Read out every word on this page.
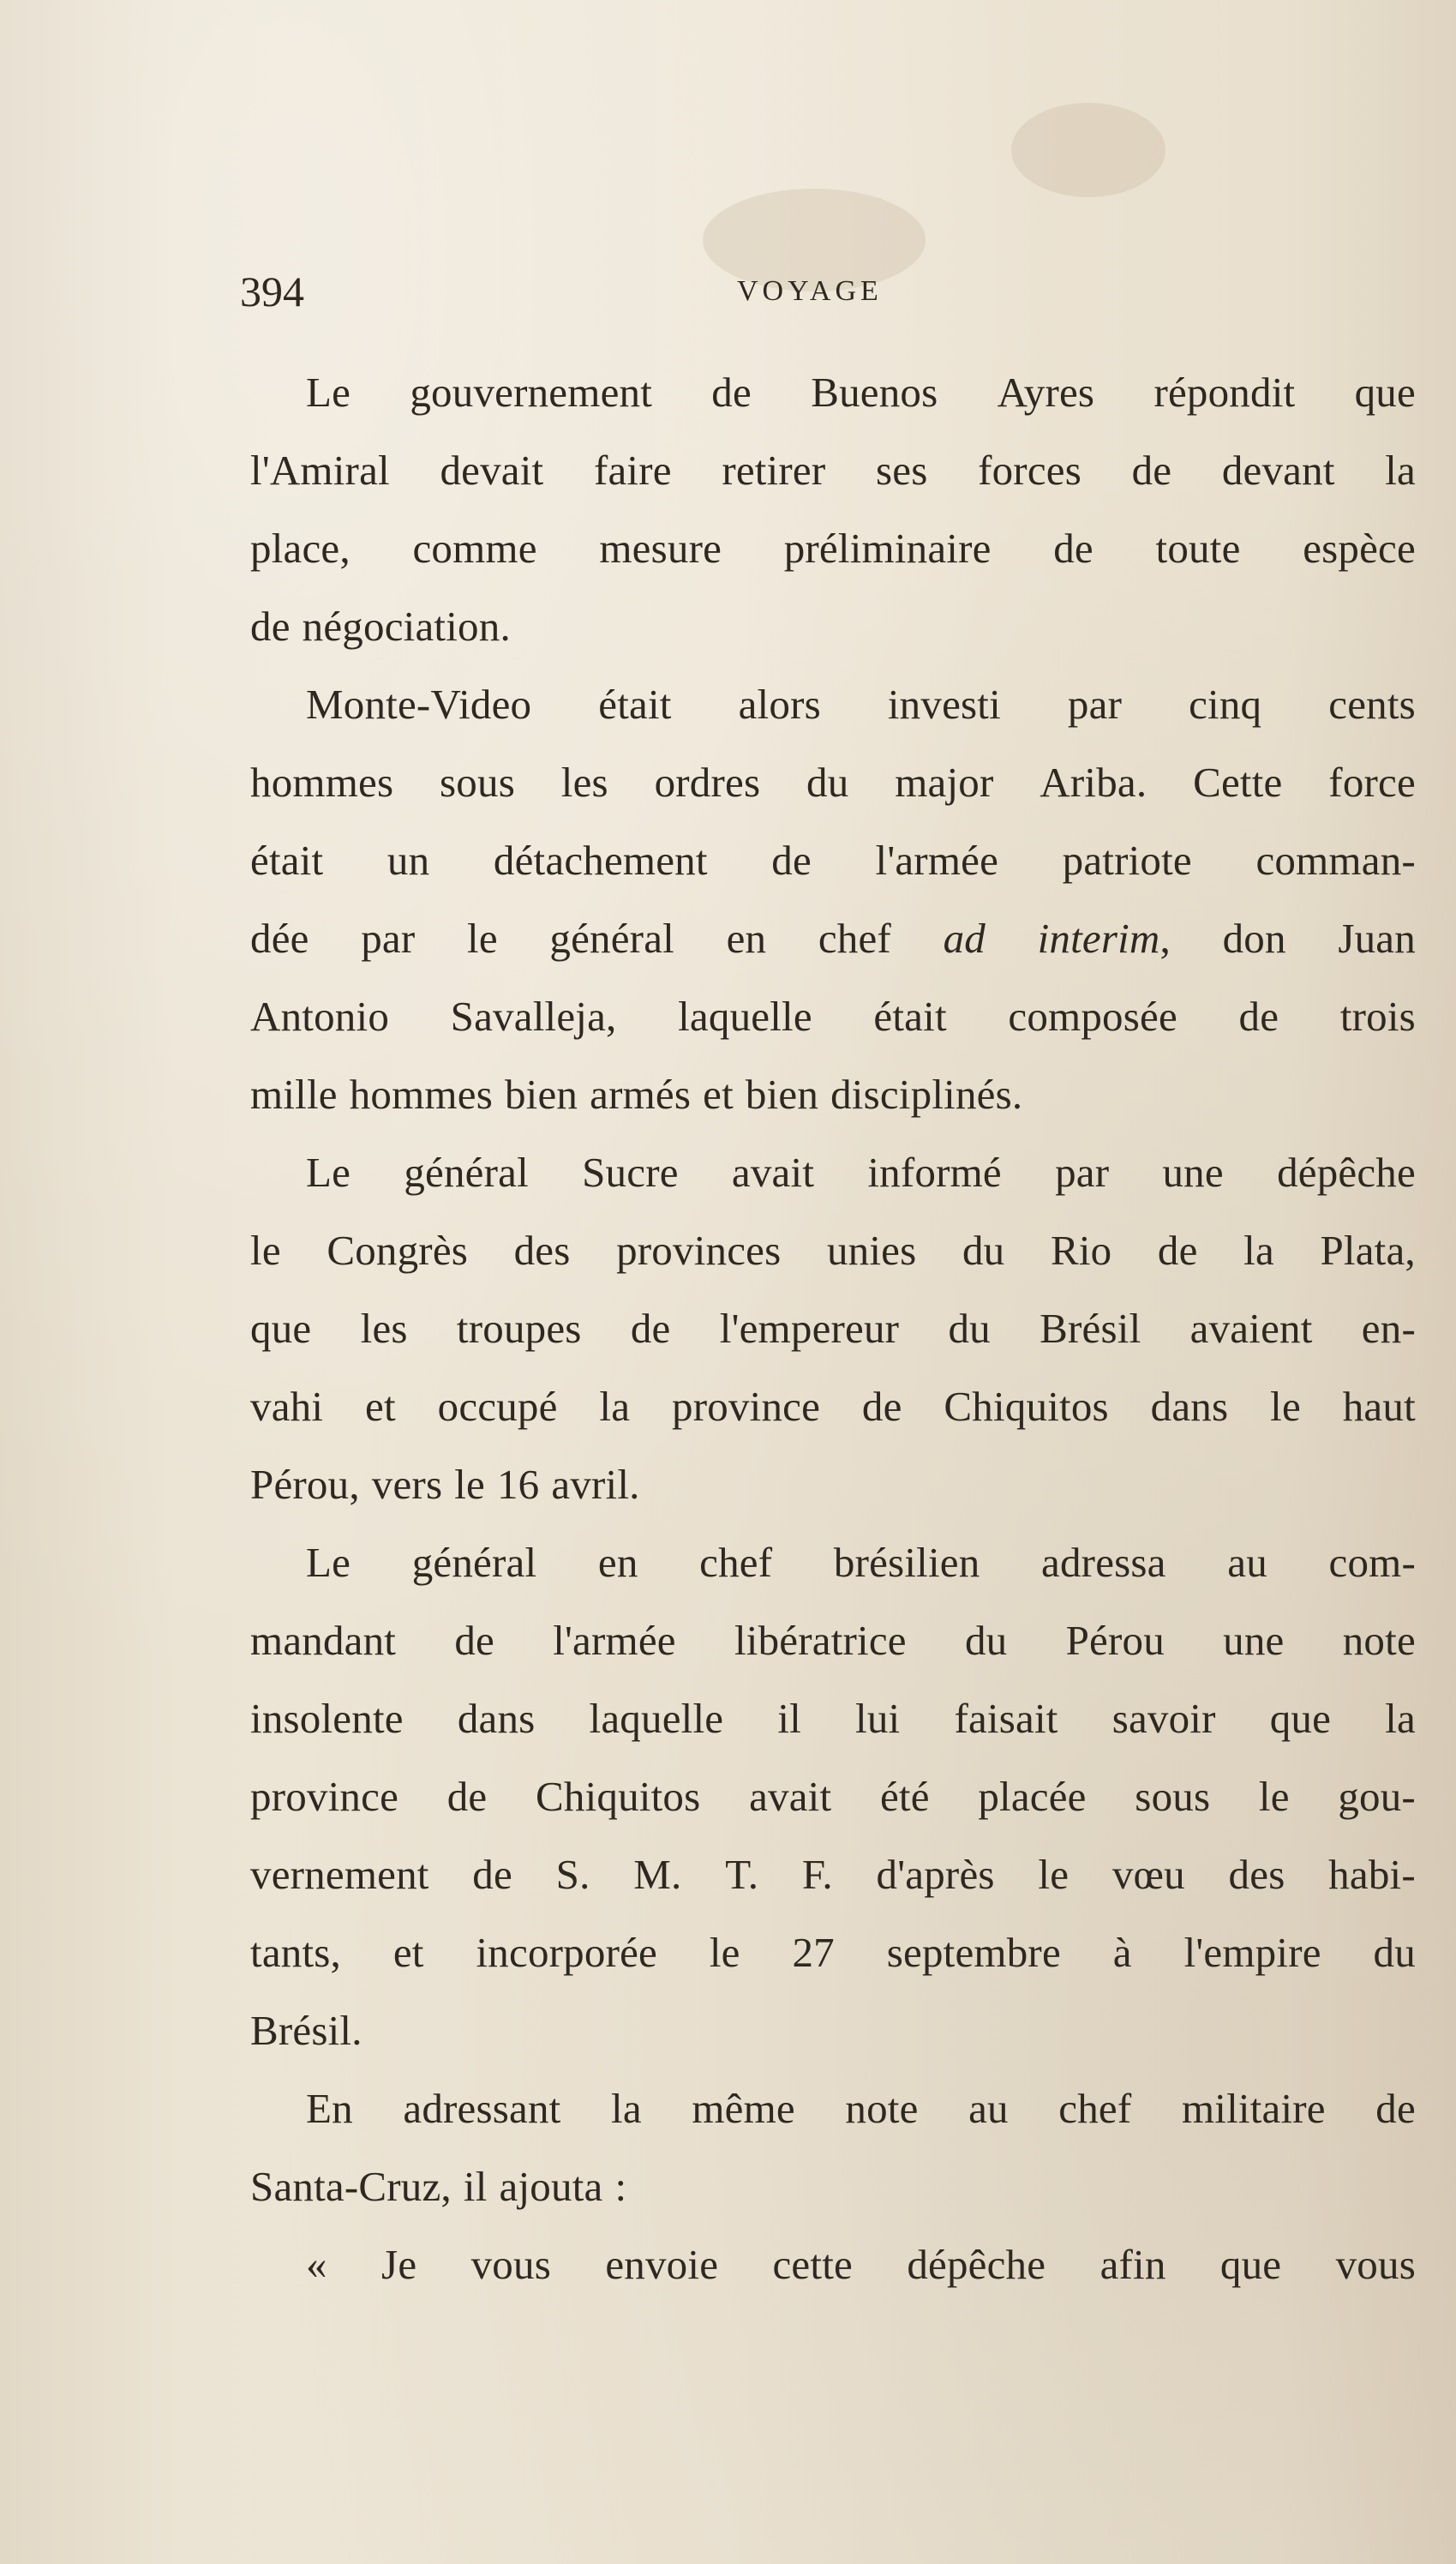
394	VOYAGE
Le gouvernement de Buenos Ayres répondit que
l'Amiral devait faire retirer ses forces de devant la
place, comme mesure préliminaire de toute espèce
de négociation.
Monte-Video était alors investi par cinq cents
hommes sous les ordres du major Ariba. Cette force
était un détachement de l'armée patriote comman-
dée par le général en chef ad interim, don Juan
Antonio Savalleja, laquelle était composée de trois
mille hommes bien armés et bien disciplinés.
Le général Sucre avait informé par une dépêche
le Congrès des provinces unies du Rio de la Plata,
que les troupes de l'empereur du Brésil avaient en-
vahi et occupé la province de Chiquitos dans le haut
Pérou, vers le 16 avril.
Le général en chef brésilien adressa au com-
mandant de l'armée libératrice du Pérou une note
insolente dans laquelle il lui faisait savoir que la
province de Chiquitos avait été placée sous le gou-
vernement de S. M. T. F. d'après le vœu des habi-
tants, et incorporée le 27 septembre à l'empire du
Brésil.
En adressant la même note au chef militaire de
Santa-Cruz, il ajouta :
« Je vous envoie cette dépêche afin que vous
